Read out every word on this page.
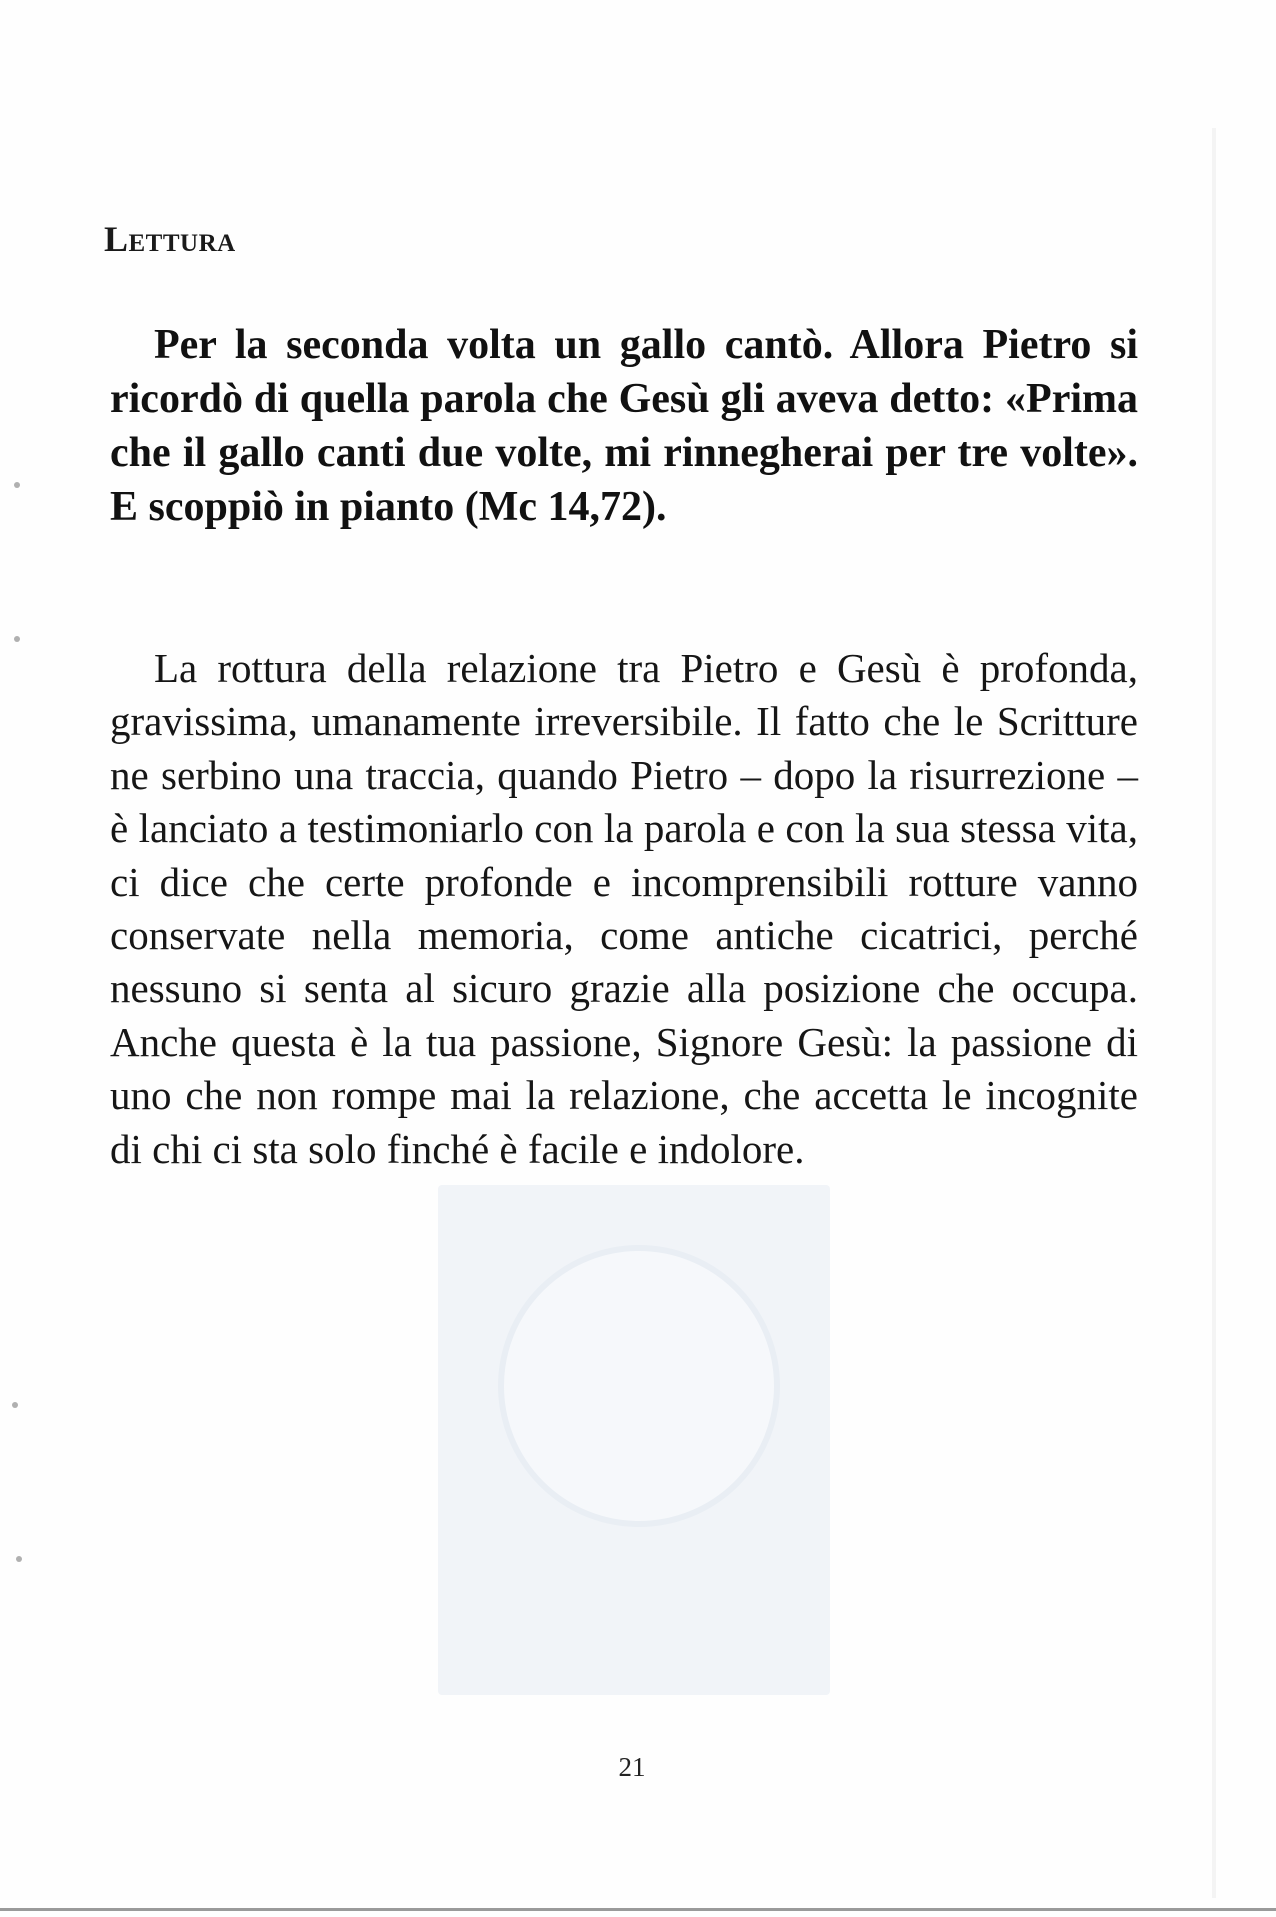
Lettura

Per la seconda volta un gallo cantò. Allora Pietro si ricordò di quella parola che Gesù gli aveva detto: «Prima che il gallo canti due volte, mi rinnegherai per tre volte». E scoppiò in pianto (Mc 14,72).

La rottura della relazione tra Pietro e Gesù è profonda, gravissima, umanamente irreversibile. Il fatto che le Scritture ne serbino una traccia, quando Pietro – dopo la risurrezione – è lanciato a testimoniarlo con la parola e con la sua stessa vita, ci dice che certe profonde e incomprensibili rotture vanno conservate nella memoria, come antiche cicatrici, perché nessuno si senta al sicuro grazie alla posizione che occupa. Anche questa è la tua passione, Signore Gesù: la passione di uno che non rompe mai la relazione, che accetta le incognite di chi ci sta solo finché è facile e indolore.

21
